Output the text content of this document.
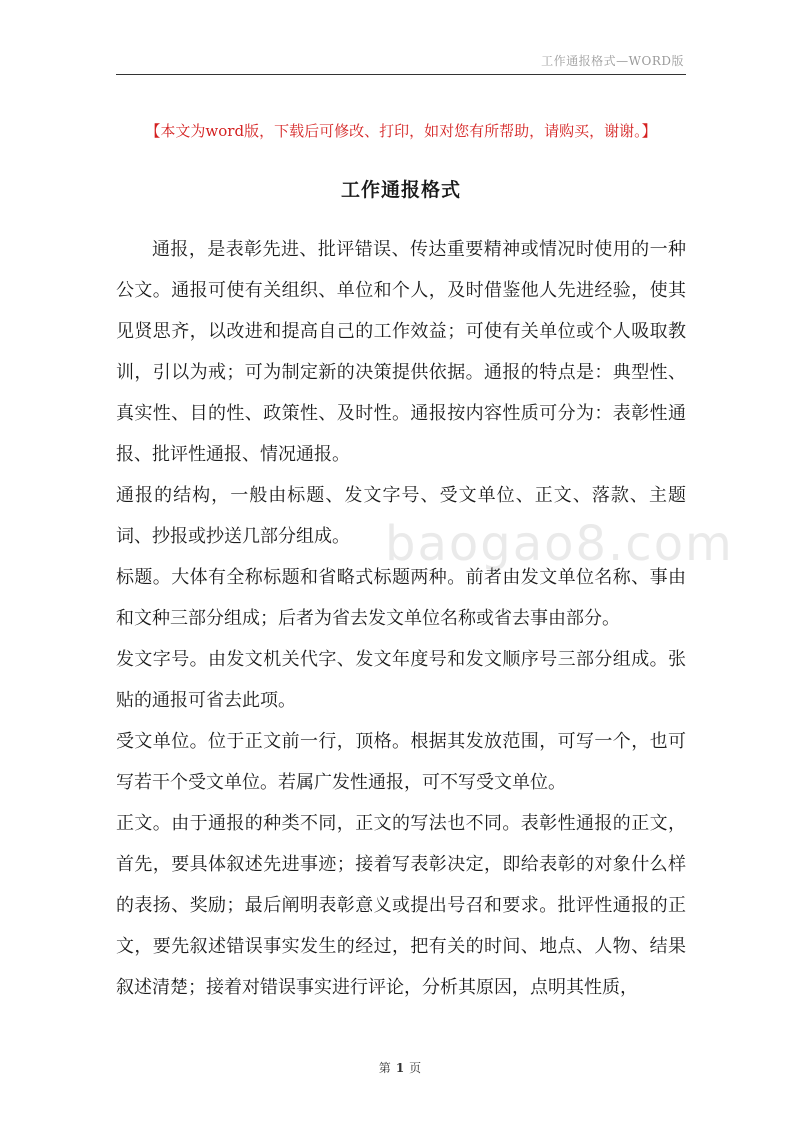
工作通报格式—WORD版
【本文为word版，下载后可修改、打印，如对您有所帮助，请购买，谢谢。】
工作通报格式

通报，是表彰先进、批评错误、传达重要精神或情况时使用的一种公文。通报可使有关组织、单位和个人，及时借鉴他人先进经验，使其见贤思齐，以改进和提高自己的工作效益；可使有关单位或个人吸取教训，引以为戒；可为制定新的决策提供依据。通报的特点是：典型性、真实性、目的性、政策性、及时性。通报按内容性质可分为：表彰性通报、批评性通报、情况通报。

通报的结构，一般由标题、发文字号、受文单位、正文、落款、主题词、抄报或抄送几部分组成。

标题。大体有全称标题和省略式标题两种。前者由发文单位名称、事由和文种三部分组成；后者为省去发文单位名称或省去事由部分。

发文字号。由发文机关代字、发文年度号和发文顺序号三部分组成。张贴的通报可省去此项。

受文单位。位于正文前一行，顶格。根据其发放范围，可写一个，也可写若干个受文单位。若属广发性通报，可不写受文单位。

正文。由于通报的种类不同，正文的写法也不同。表彰性通报的正文，首先，要具体叙述先进事迹；接着写表彰决定，即给表彰的对象什么样的表扬、奖励；最后阐明表彰意义或提出号召和要求。批评性通报的正文，要先叙述错误事实发生的经过，把有关的时间、地点、人物、结果叙述清楚；接着对错误事实进行评论，分析其原因，点明其性质，

baogao8.com
第 1 页
